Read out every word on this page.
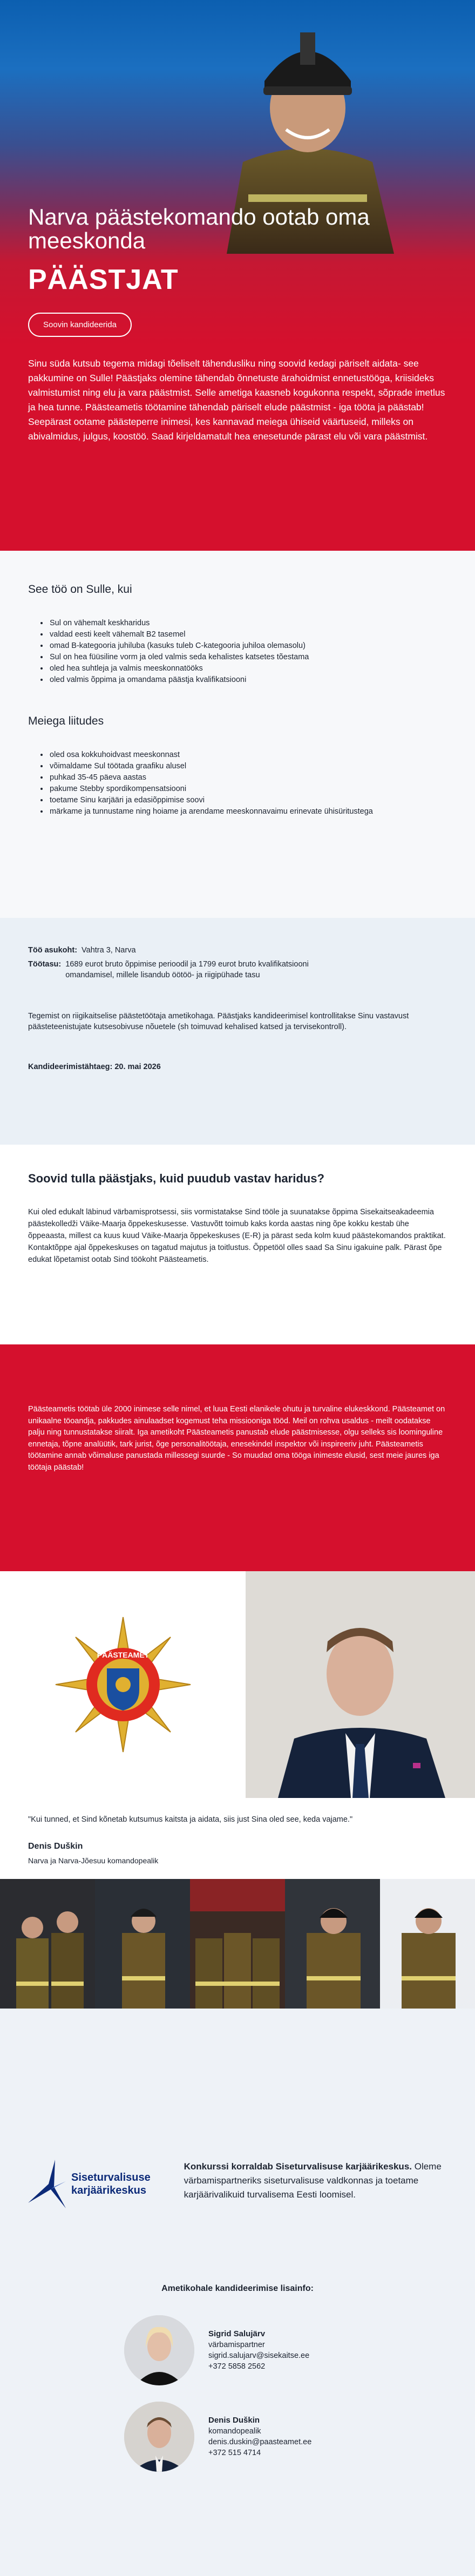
Narva päästekomando ootab oma meeskonda
PÄÄSTJAT
Soovin kandideerida

Sinu süda kutsub tegema midagi tõeliselt tähendusliku ning soovid kedagi päriselt aidata- see pakkumine on Sulle! Päästjaks olemine tähendab õnnetuste ärahoidmist ennetustööga, kriisideks valmistumist ning elu ja vara päästmist. Selle ametiga kaasneb kogukonna respekt, sõprade imetlus ja hea tunne. Päästeametis töötamine tähendab päriselt elude päästmist - iga tööta ja päästab! Seepärast ootame päästeperre inimesi, kes kannavad meiega ühiseid väärtuseid, milleks on abivalmidus, julgus, koostöö. Saad kirjeldamatult hea enesetunde pärast elu või vara päästmist.

See töö on Sulle, kui
• Sul on vähemalt keskharidus
• valdad eesti keelt vähemalt B2 tasemel
• omad B-kategooria juhiluba (kasuks tuleb C-kategooria juhiloa olemasolu)
• Sul on hea füüsiline vorm ja oled valmis seda kehalistes katsetes tõestama
• oled hea suhtleja ja valmis meeskonnatööks
• oled valmis õppima ja omandama päästja kvalifikatsiooni
Meiega liitudes
• oled osa kokkuhoidvast meeskonnast
• võimaldame Sul töötada graafiku alusel
• puhkad 35-45 päeva aastas
• pakume Stebby spordikompensatsiooni
• toetame Sinu karjääri ja edasiõppimise soovi
• märkame ja tunnustame ning hoiame ja arendame meeskonnavaimu erinevate ühisüritustega
Töö asukoht: Vahtra 3, Narva
Töötasu: 1689 eurot bruto õppimise perioodil ja 1799 eurot bruto kvalifikatsiooni omandamisel, millele lisandub öötöö- ja riigipühade tasu

Tegemist on riigikaitselise päästetöötaja ametikohaga. Päästjaks kandideerimisel kontrollitakse Sinu vastavust päästeteenistujate kutsesobivuse nõuetele (sh toimuvad kehalised katsed ja tervisekontroll).

Kandideerimistähtaeg: 20. mai 2026

Soovid tulla päästjaks, kuid puudub vastav haridus?

Kui oled edukalt läbinud värbamisprotsessi, siis vormistatakse Sind tööle ja suunatakse õppima Sisekaitseakadeemia päästekolledži Väike-Maarja õppekeskusesse. Vastuvõtt toimub kaks korda aastas ning õpe kokku kestab ühe õppeaasta, millest ca kuus kuud Väike-Maarja õppekeskuses (E-R) ja pärast seda kolm kuud päästekomandos praktikat. Kontaktõppe ajal õppekeskuses on tagatud majutus ja toitlustus. Õppetööl olles saad Sa Sinu igakuine palk. Pärast õpe edukat lõpetamist ootab Sind töökoht Päästeametis.

Päästeametis töötab üle 2000 inimese selle nimel, et luua Eesti elanikele ohutu ja turvaline elukeskkond. Päästeamet on unikaalne töoandja, pakkudes ainulaadset kogemust teha missiooniga tööd. Meil on rohva usaldus - meilt oodatakse palju ning tunnustatakse siiralt. Iga ametikoht Päästeametis panustab elude päästmisesse, olgu selleks sis loominguline ennetaja, tõpne analüütik, tark jurist, õge personalitöötaja, enesekindel inspektor või inspireeriv juht. Päästeametis töötamine annab võimaluse panustada millessegi suurde - So muudad oma tööga inimeste elusid, sest meie jaures iga töötaja päästab!

PÄÄSTEAMET

"Kui tunned, et Sind kõnetab kutsumus kaitsta ja aidata, siis just Sina oled see, keda vajame."

Denis Duškin

Narva ja Narva-Jõesuu komandopealik

Siseturvalisuse
karjäärikeskus

Konkurssi korraldab Siseturvalisuse karjäärikeskus. Oleme värbamispartneriks siseturvalisuse valdkonnas ja toetame karjäärivalikuid turvalisema Eesti loomisel.

Ametikohale kandideerimise lisainfo:
Sigrid Salujärv
värbamispartner
sigrid.salujarv@sisekaitse.ee
+372 5858 2562
Denis Duškin
komandopealik
denis.duskin@paasteamet.ee
+372 515 4714
